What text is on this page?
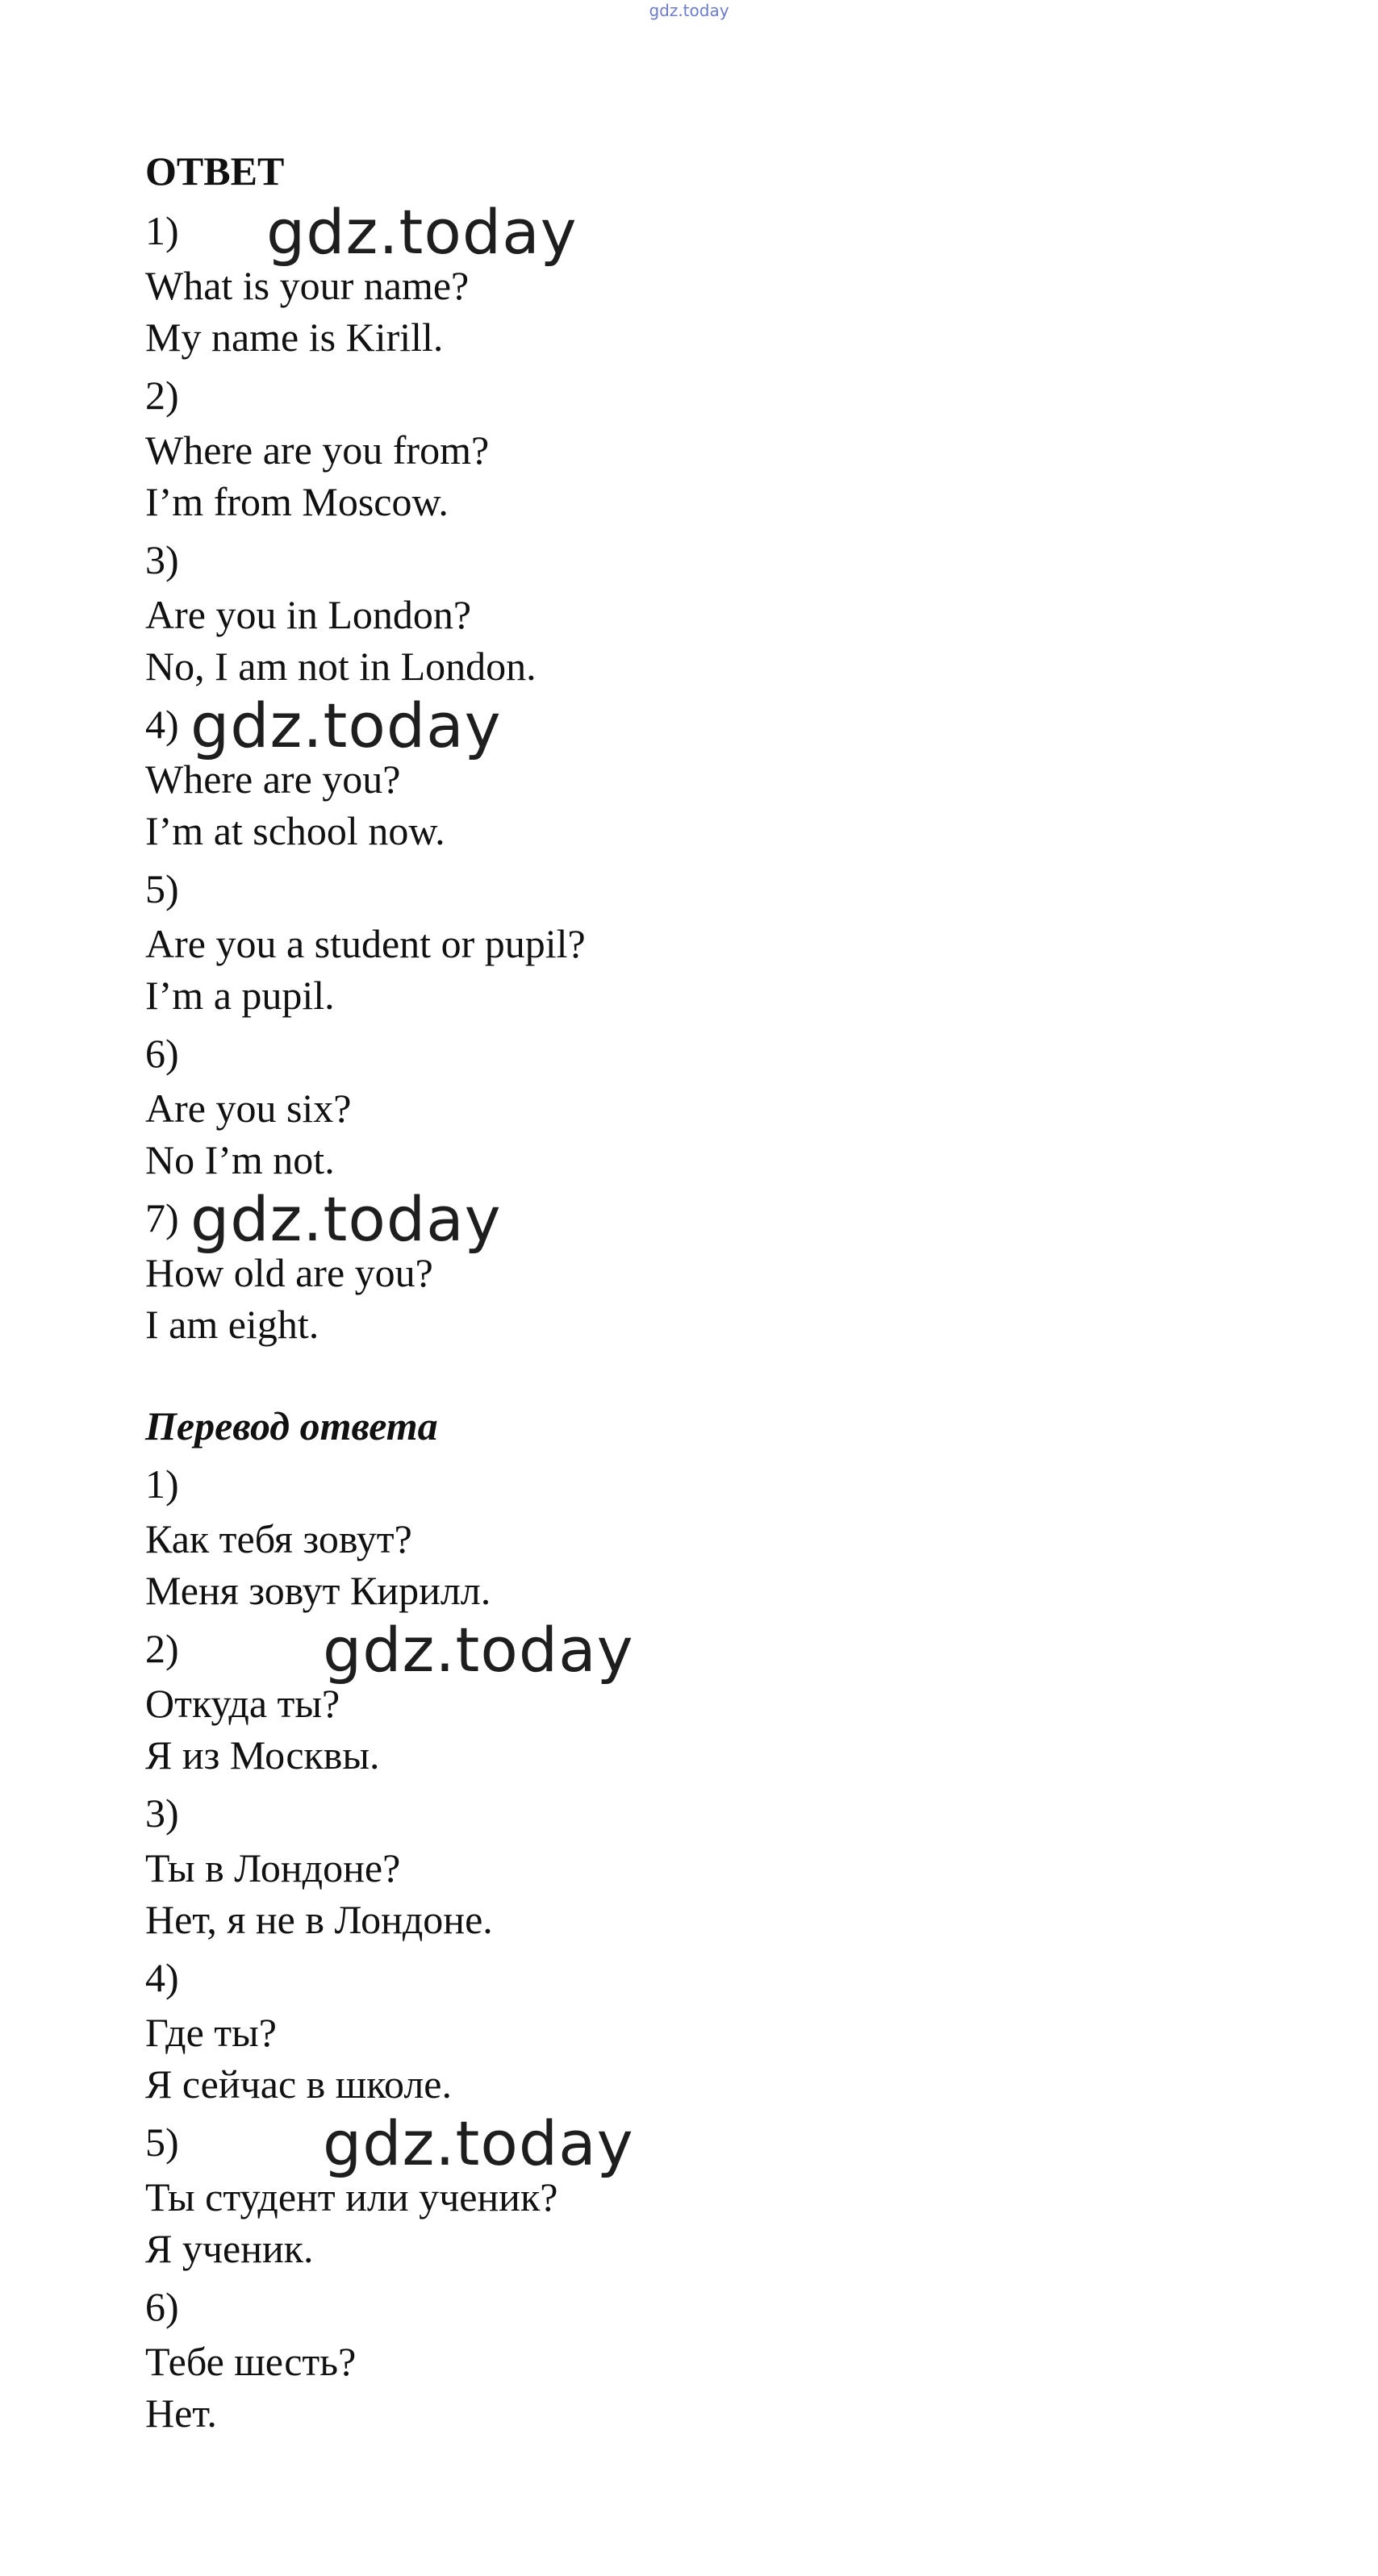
gdz.today
ОТВЕТ
1)
What is your name?
My name is Kirill.
2)
Where are you from?
I’m from Moscow.
3)
Are you in London?
No, I am not in London.
4)
Where are you?
I’m at school now.
5)
Are you a student or pupil?
I’m a pupil.
6)
Are you six?
No I’m not.
7)
How old are you?
I am eight.
Перевод ответа
1)
Как тебя зовут?
Меня зовут Кирилл.
2)
Откуда ты?
Я из Москвы.
3)
Ты в Лондоне?
Нет, я не в Лондоне.
4)
Где ты?
Я сейчас в школе.
5)
Ты студент или ученик?
Я ученик.
6)
Тебе шесть?
Нет.
gdz.today
gdz.today
gdz.today
gdz.today
gdz.today
